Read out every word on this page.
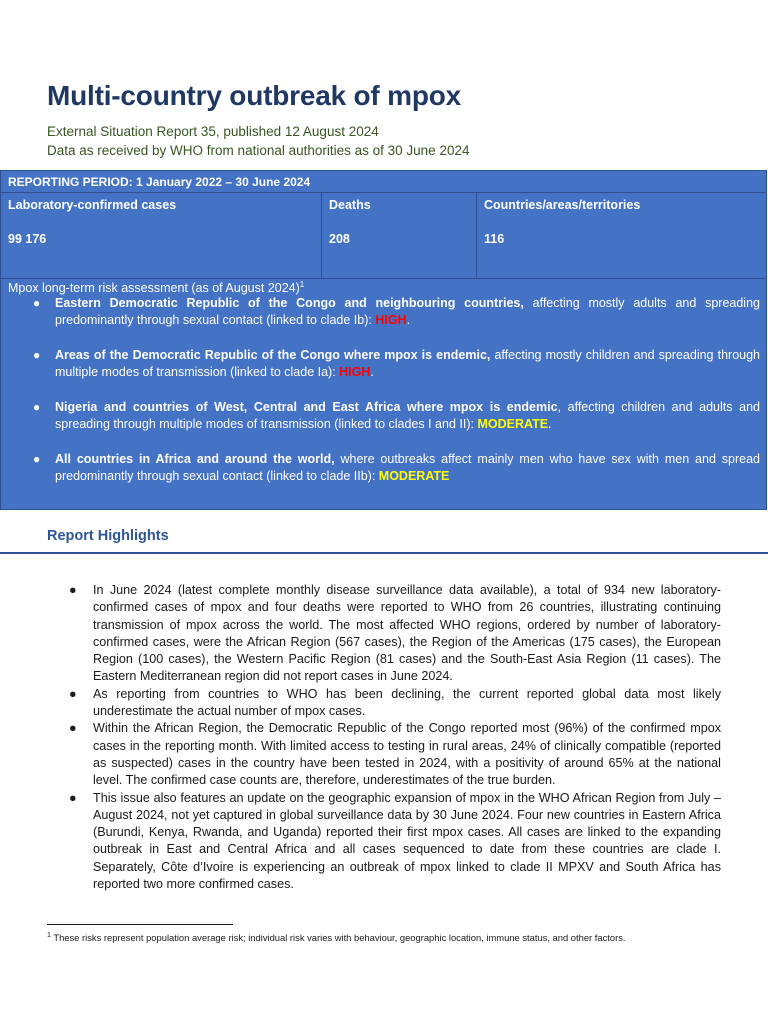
Multi-country outbreak of mpox

External Situation Report 35, published 12 August 2024

Data as received by WHO from national authorities as of 30 June 2024

REPORTING PERIOD: 1 January 2022 – 30 June 2024
Laboratory-confirmed cases
99 176
Deaths
208
Countries/areas/territories
116
Mpox long-term risk assessment (as of August 2024)$^1$
● Eastern Democratic Republic of the Congo and neighbouring countries, affecting mostly adults and spreading predominantly through sexual contact (linked to clade Ib): HIGH.
● Areas of the Democratic Republic of the Congo where mpox is endemic, affecting mostly children and spreading through multiple modes of transmission (linked to clade Ia): HIGH.
● Nigeria and countries of West, Central and East Africa where mpox is endemic, affecting children and adults and spreading through multiple modes of transmission (linked to clades I and II): MODERATE.
● All countries in Africa and around the world, where outbreaks affect mainly men who have sex with men and spread predominantly through sexual contact (linked to clade IIb): MODERATE
Report Highlights
● In June 2024 (latest complete monthly disease surveillance data available), a total of 934 new laboratory-confirmed cases of mpox and four deaths were reported to WHO from 26 countries, illustrating continuing transmission of mpox across the world. The most affected WHO regions, ordered by number of laboratory-confirmed cases, were the African Region (567 cases), the Region of the Americas (175 cases), the European Region (100 cases), the Western Pacific Region (81 cases) and the South-East Asia Region (11 cases). The Eastern Mediterranean region did not report cases in June 2024.
● As reporting from countries to WHO has been declining, the current reported global data most likely underestimate the actual number of mpox cases.
● Within the African Region, the Democratic Republic of the Congo reported most (96%) of the confirmed mpox cases in the reporting month. With limited access to testing in rural areas, 24% of clinically compatible (reported as suspected) cases in the country have been tested in 2024, with a positivity of around 65% at the national level. The confirmed case counts are, therefore, underestimates of the true burden.
● This issue also features an update on the geographic expansion of mpox in the WHO African Region from July – August 2024, not yet captured in global surveillance data by 30 June 2024. Four new countries in Eastern Africa (Burundi, Kenya, Rwanda, and Uganda) reported their first mpox cases. All cases are linked to the expanding outbreak in East and Central Africa and all cases sequenced to date from these countries are clade I. Separately, Côte d’Ivoire is experiencing an outbreak of mpox linked to clade II MPXV and South Africa has reported two more confirmed cases.
$^1$ These risks represent population average risk; individual risk varies with behaviour, geographic location, immune status, and other factors.
